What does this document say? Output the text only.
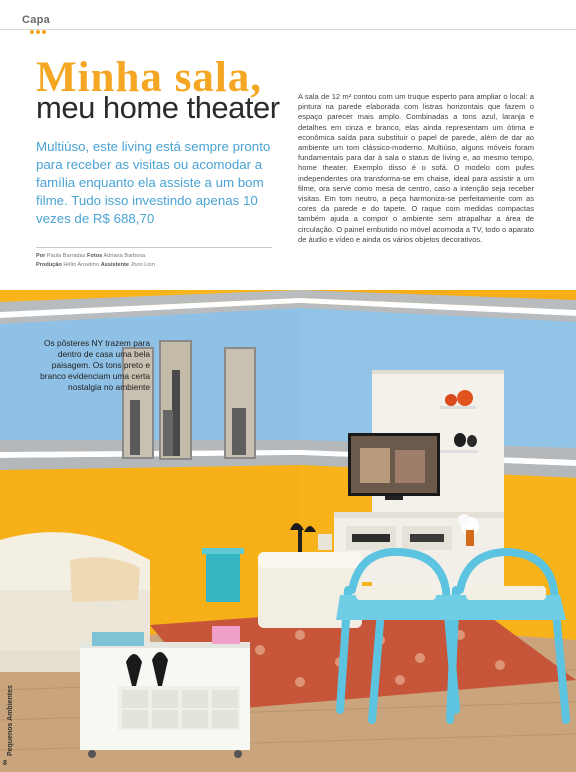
Capa
Minha sala,
meu home theater
Multiúso, este living está sempre pronto para receber as visitas ou acomodar a família enquanto ela assiste a um bom filme. Tudo isso investindo apenas 10 vezes de R$ 688,70
Por Paula Barradas Fotos Adriana Barbosa
Produção Hélio Anselmo Assistente Jhon Lion
A sala de 12 m² contou com um truque esperto para ampliar o local: a pintura na parede elaborada com listras horizontais que fazem o espaço parecer mais amplo. Combinadas a tons azul, laranja e detalhes em cinza e branco, elas ainda representam um ótima e econômica saída para substituir o papel de parede, além de dar ao ambiente um tom clássico-moderno. Multiúso, alguns móveis foram fundamentais para dar à sala o status de living e, ao mesmo tempo, home theater. Exemplo disso é o sofá. O modelo com pufes independentes ora transforma-se em chaise, ideal para assistir a um filme, ora serve como mesa de centro, caso a intenção seja receber visitas. Em tom neutro, a peça harmoniza-se perfeitamente com as cores da parede e do tapete. O raque com medidas compactas também ajuda a compor o ambiente sem atrapalhar a área de circulação. O painel embutido no móvel acomoda a TV, todo o aparato de áudio e vídeo e ainda os vários objetos decorativos.
Os pôsteres NY trazem para dentro de casa uma bela paisagem. Os tons preto e branco evidenciam uma certa nostalgia no ambiente
8
Pequenos Ambientes
